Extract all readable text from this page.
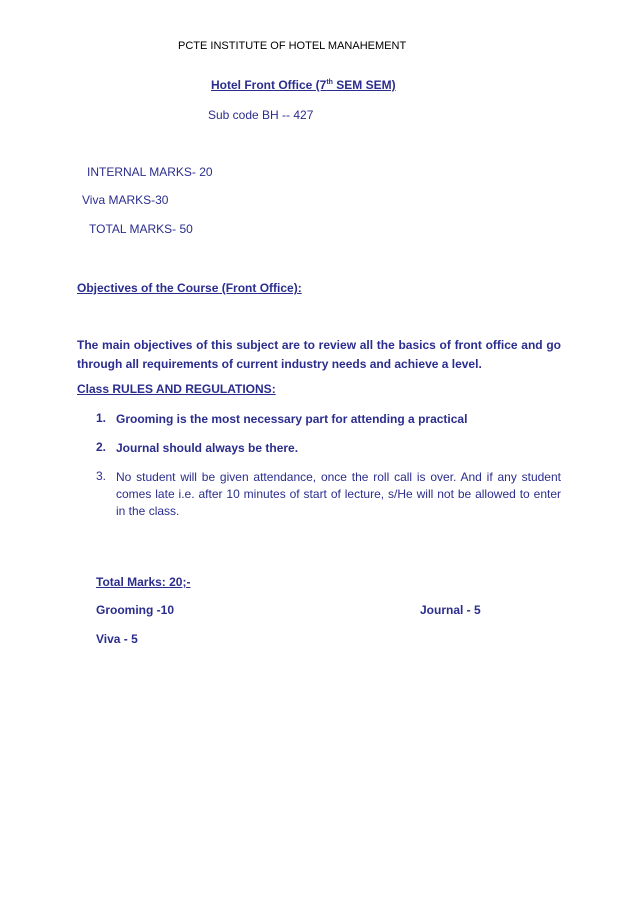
PCTE INSTITUTE OF HOTEL MANAHEMENT
Hotel Front Office (7th SEM SEM)
Sub code BH -- 427
INTERNAL MARKS- 20
Viva MARKS-30
TOTAL MARKS- 50
Objectives of the Course (Front Office):
The main objectives of this subject are to review all the basics of front office and go through all requirements of current industry needs and achieve a level.
Class RULES AND REGULATIONS:
1. Grooming is the most necessary part for attending a practical
2. Journal should always be there.
3. No student will be given attendance, once the roll call is over. And if any student comes late i.e. after 10 minutes of start of lecture, s/He will not be allowed to enter in the class.
Total Marks: 20;-
Grooming -10	Journal - 5
Viva - 5
